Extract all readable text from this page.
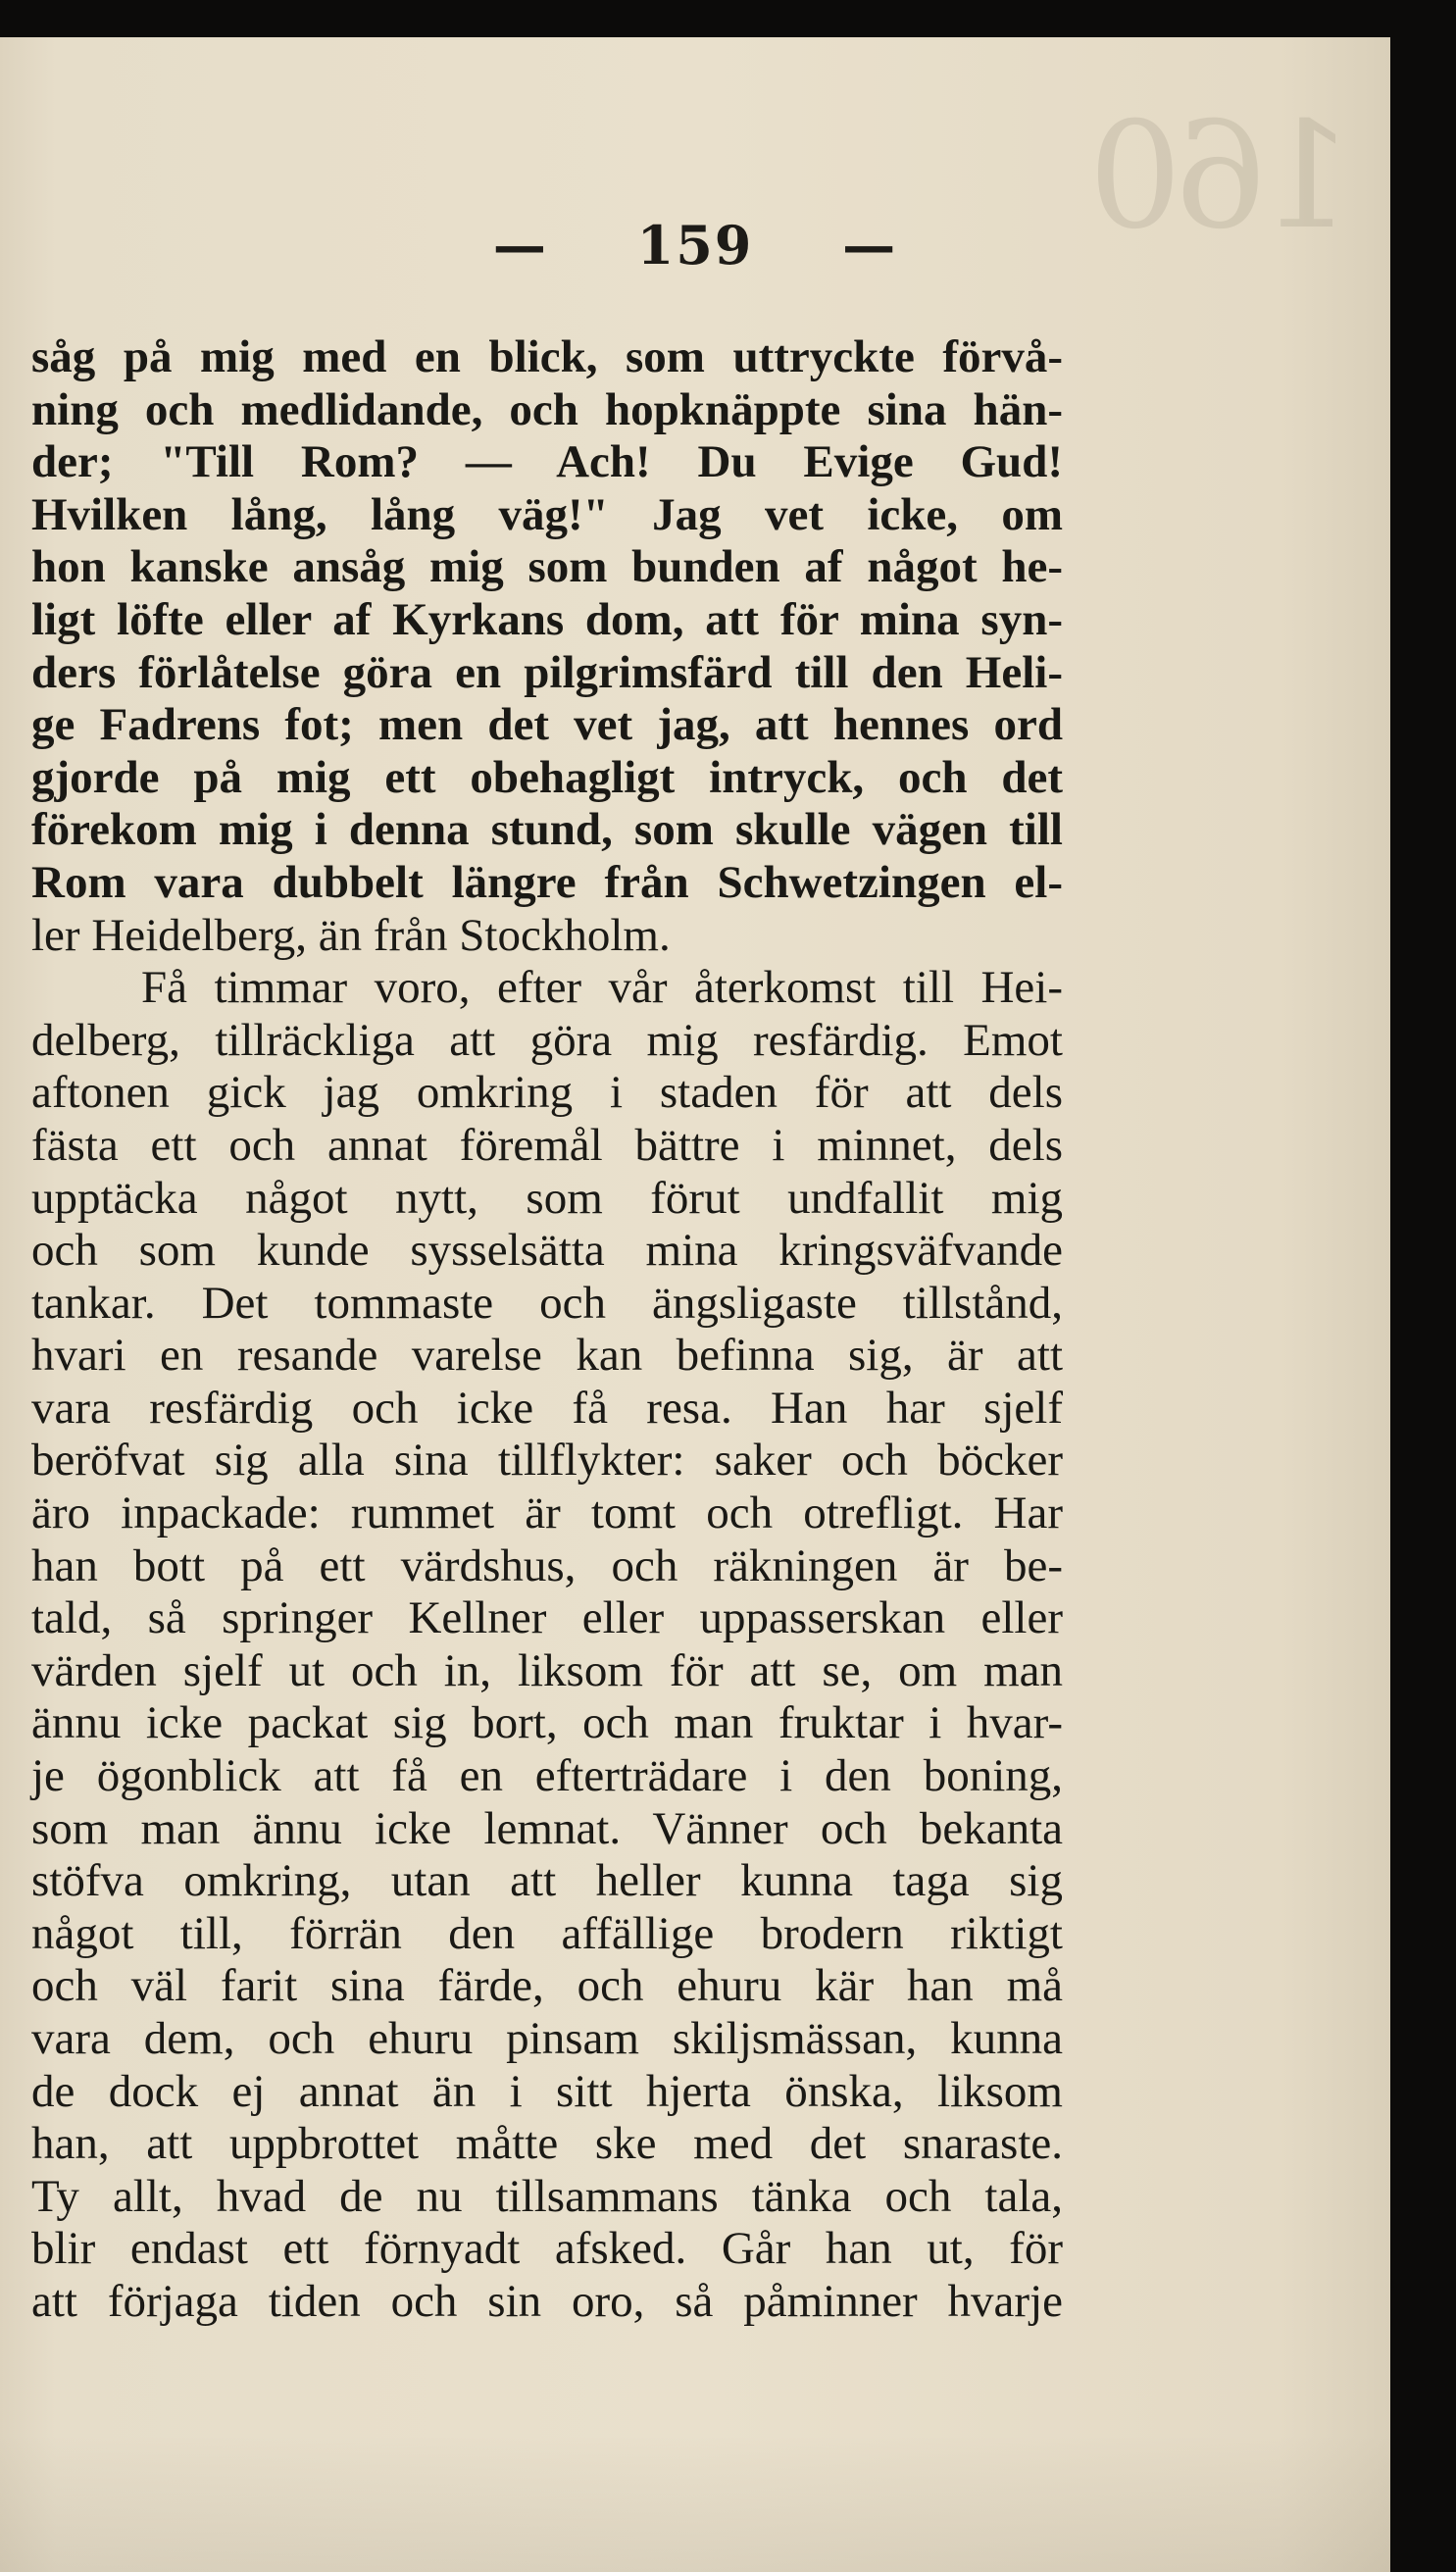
160
— 159 —
såg på mig med en blick, som uttryckte förvå-
ning och medlidande, och hopknäppte sina hän-
der; "Till Rom? — Ach! Du Evige Gud!
Hvilken lång, lång väg!" Jag vet icke, om
hon kanske ansåg mig som bunden af något he-
ligt löfte eller af Kyrkans dom, att för mina syn-
ders förlåtelse göra en pilgrimsfärd till den Heli-
ge Fadrens fot; men det vet jag, att hennes ord
gjorde på mig ett obehagligt intryck, och det
förekom mig i denna stund, som skulle vägen till
Rom vara dubbelt längre från Schwetzingen el-
ler Heidelberg, än från Stockholm.
Få timmar voro, efter vår återkomst till Hei-
delberg, tillräckliga att göra mig resfärdig. Emot
aftonen gick jag omkring i staden för att dels
fästa ett och annat föremål bättre i minnet, dels
upptäcka något nytt, som förut undfallit mig
och som kunde sysselsätta mina kringsväfvande
tankar. Det tommaste och ängsligaste tillstånd,
hvari en resande varelse kan befinna sig, är att
vara resfärdig och icke få resa. Han har sjelf
beröfvat sig alla sina tillflykter: saker och böcker
äro inpackade: rummet är tomt och otrefligt. Har
han bott på ett värdshus, och räkningen är be-
tald, så springer Kellner eller uppasserskan eller
värden sjelf ut och in, liksom för att se, om man
ännu icke packat sig bort, och man fruktar i hvar-
je ögonblick att få en efterträdare i den boning,
som man ännu icke lemnat. Vänner och bekanta
stöfva omkring, utan att heller kunna taga sig
något till, förrän den affällige brodern riktigt
och väl farit sina färde, och ehuru kär han må
vara dem, och ehuru pinsam skiljsmässan, kunna
de dock ej annat än i sitt hjerta önska, liksom
han, att uppbrottet måtte ske med det snaraste.
Ty allt, hvad de nu tillsammans tänka och tala,
blir endast ett förnyadt afsked. Går han ut, för
att förjaga tiden och sin oro, så påminner hvarje
